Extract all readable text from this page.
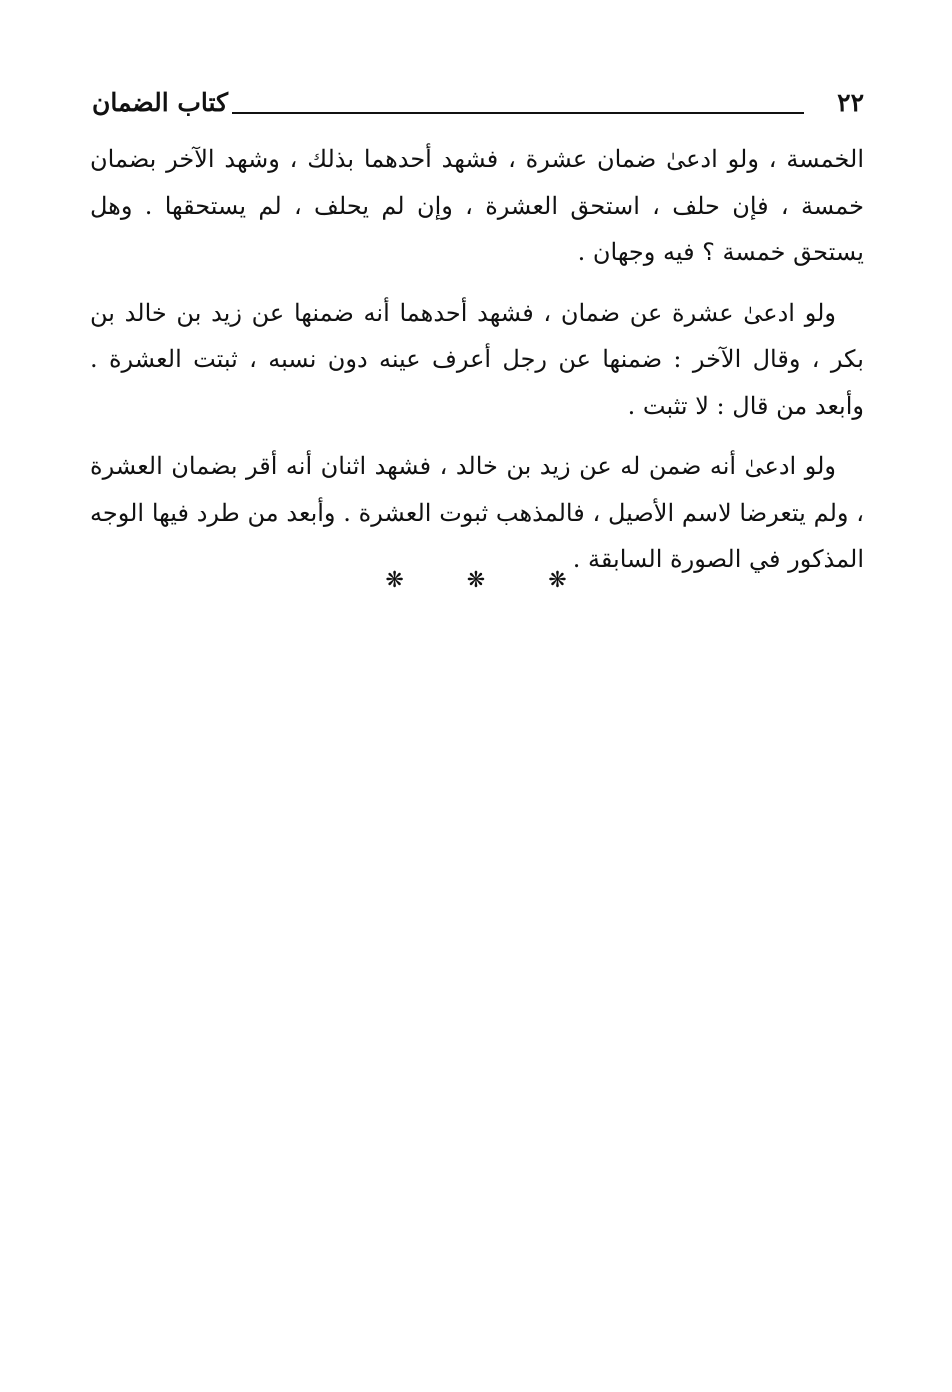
٢٢
كتاب الضمان

الخمسة ، ولو ادعىٰ ضمان عشرة ، فشهد أحدهما بذلك ، وشهد الآخر بضمان خمسة ، فإن حلف ، استحق العشرة ، وإن لم يحلف ، لم يستحقها . وهل يستحق خمسة ؟ فيه وجهان .

ولو ادعىٰ عشرة عن ضمان ، فشهد أحدهما أنه ضمنها عن زيد بن خالد بن بكر ، وقال الآخر : ضمنها عن رجل أعرف عينه دون نسبه ، ثبتت العشرة . وأبعد من قال : لا تثبت .

ولو ادعىٰ أنه ضمن له عن زيد بن خالد ، فشهد اثنان أنه أقر بضمان العشرة ، ولم يتعرضا لاسم الأصيل ، فالمذهب ثبوت العشرة . وأبعد من طرد فيها الوجه المذكور في الصورة السابقة .

❋ ❋ ❋
